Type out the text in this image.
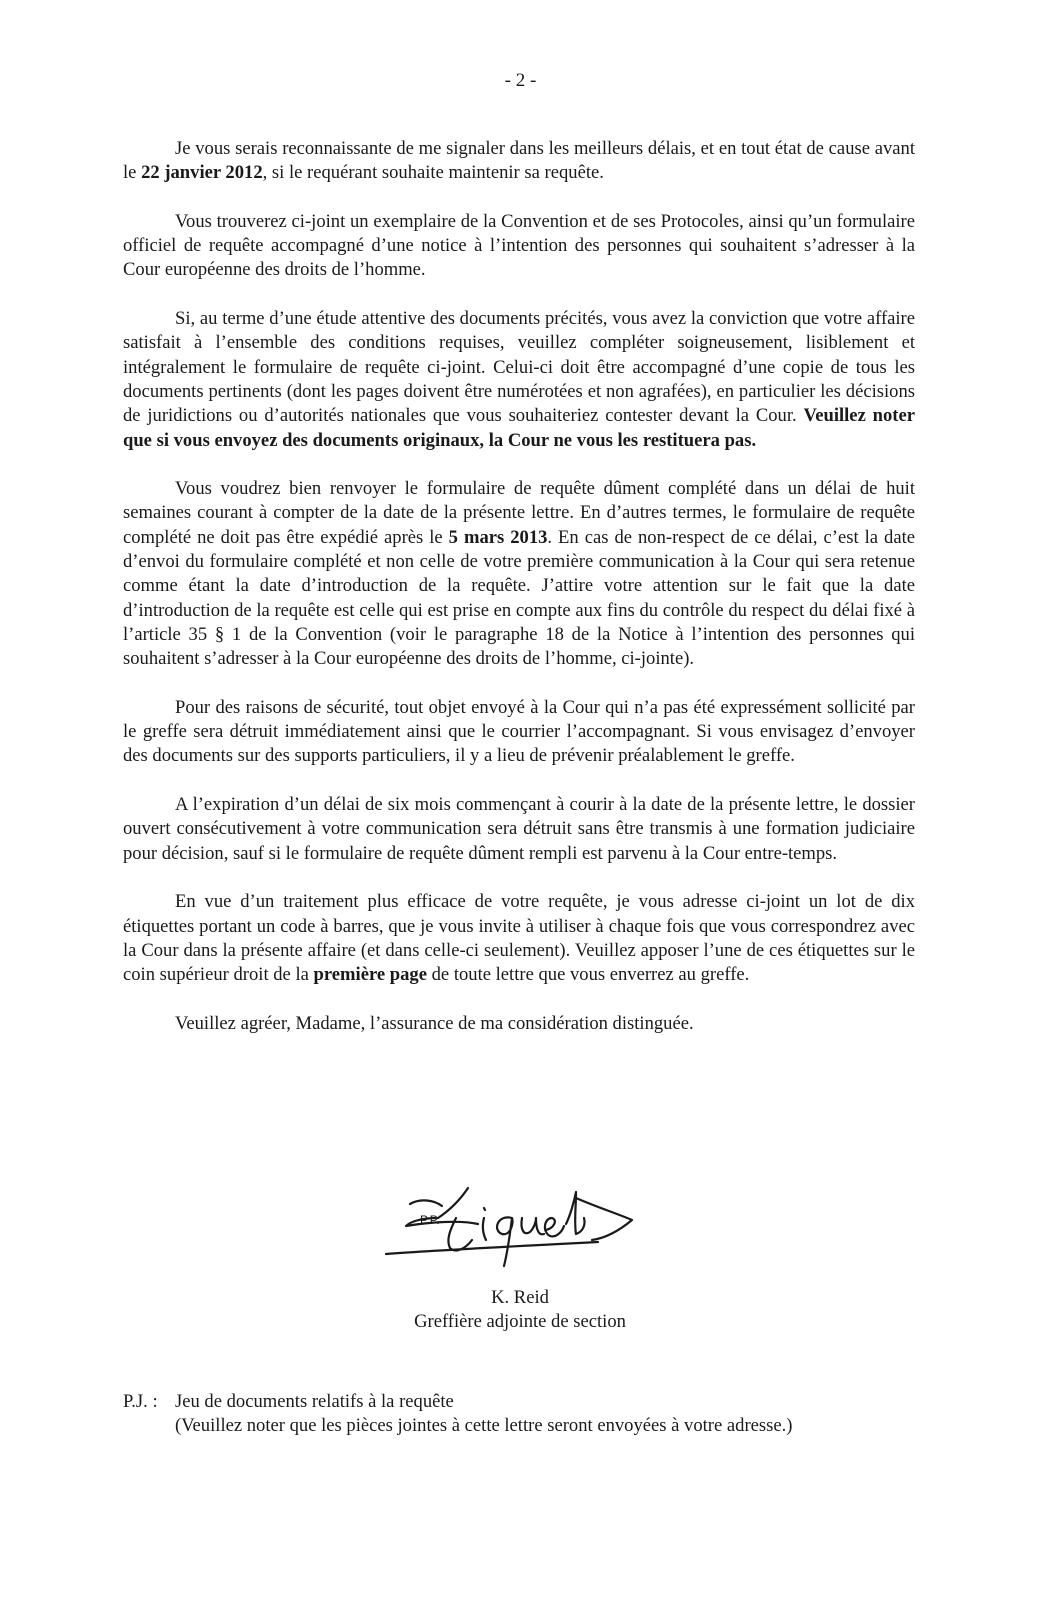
- 2 -

Je vous serais reconnaissante de me signaler dans les meilleurs délais, et en tout état de cause avant le 22 janvier 2012, si le requérant souhaite maintenir sa requête.

Vous trouverez ci-joint un exemplaire de la Convention et de ses Protocoles, ainsi qu’un formulaire officiel de requête accompagné d’une notice à l’intention des personnes qui souhaitent s’adresser à la Cour européenne des droits de l’homme.

Si, au terme d’une étude attentive des documents précités, vous avez la conviction que votre affaire satisfait à l’ensemble des conditions requises, veuillez compléter soigneusement, lisiblement et intégralement le formulaire de requête ci-joint. Celui-ci doit être accompagné d’une copie de tous les documents pertinents (dont les pages doivent être numérotées et non agrafées), en particulier les décisions de juridictions ou d’autorités nationales que vous souhaiteriez contester devant la Cour. Veuillez noter que si vous envoyez des documents originaux, la Cour ne vous les restituera pas.

Vous voudrez bien renvoyer le formulaire de requête dûment complété dans un délai de huit semaines courant à compter de la date de la présente lettre. En d’autres termes, le formulaire de requête complété ne doit pas être expédié après le 5 mars 2013. En cas de non-respect de ce délai, c’est la date d’envoi du formulaire complété et non celle de votre première communication à la Cour qui sera retenue comme étant la date d’introduction de la requête. J’attire votre attention sur le fait que la date d’introduction de la requête est celle qui est prise en compte aux fins du contrôle du respect du délai fixé à l’article 35 § 1 de la Convention (voir le paragraphe 18 de la Notice à l’intention des personnes qui souhaitent s’adresser à la Cour européenne des droits de l’homme, ci-jointe).

Pour des raisons de sécurité, tout objet envoyé à la Cour qui n’a pas été expressément sollicité par le greffe sera détruit immédiatement ainsi que le courrier l’accompagnant. Si vous envisagez d’envoyer des documents sur des supports particuliers, il y a lieu de prévenir préalablement le greffe.

A l’expiration d’un délai de six mois commençant à courir à la date de la présente lettre, le dossier ouvert consécutivement à votre communication sera détruit sans être transmis à une formation judiciaire pour décision, sauf si le formulaire de requête dûment rempli est parvenu à la Cour entre-temps.

En vue d’un traitement plus efficace de votre requête, je vous adresse ci-joint un lot de dix étiquettes portant un code à barres, que je vous invite à utiliser à chaque fois que vous correspondrez avec la Cour dans la présente affaire (et dans celle-ci seulement). Veuillez apposer l’une de ces étiquettes sur le coin supérieur droit de la première page de toute lettre que vous enverrez au greffe.

Veuillez agréer, Madame, l’assurance de ma considération distinguée.

P.P.
K. Reid
Greffière adjointe de section
P.J. : Jeu de documents relatifs à la requête
(Veuillez noter que les pièces jointes à cette lettre seront envoyées à votre adresse.)
